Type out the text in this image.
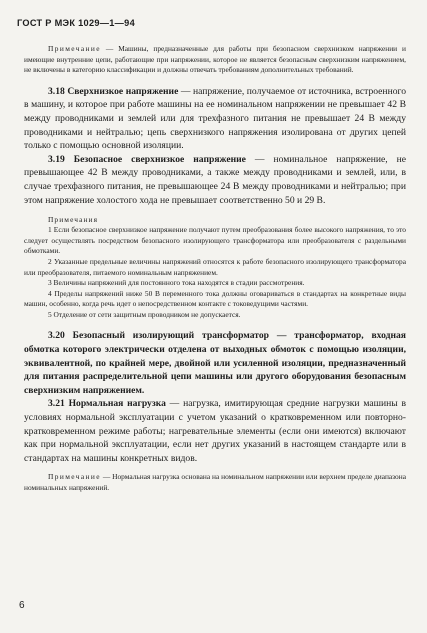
ГОСТ Р МЭК 1029—1—94

Примечание — Машины, предназначенные для работы при безопасном сверхнизком напряжении и имеющие внутренние цепи, работающие при напряжении, которое не является безопасным сверхнизким напряжением, не включены в категорию классификации и должны отвечать требованиям дополнительных требований.

3.18 Сверхнизкое напряжение — напряжение, получаемое от источника, встроенного в машину, и которое при работе машины на ее номинальном напряжении не превышает 42 В между проводниками и землей или для трехфазного питания не превышает 24 В между проводниками и нейтралью; цепь сверхнизкого напряжения изолирована от других цепей только с помощью основной изоляции.

3.19 Безопасное сверхнизкое напряжение — номинальное напряжение, не превышающее 42 В между проводниками, а также между проводниками и землей, или, в случае трехфазного питания, не превышающее 24 В между проводниками и нейтралью; при этом напряжение холостого хода не превышает соответственно 50 и 29 В.

Примечания

1 Если безопасное сверхнизкое напряжение получают путем преобразования более высокого напряжения, то это следует осуществлять посредством безопасного изолирующего трансформатора или преобразователя с раздельными обмотками.

2 Указанные предельные величины напряжений относятся к работе безопасного изолирующего трансформатора или преобразователя, питаемого номинальным напряжением.

3 Величины напряжений для постоянного тока находятся в стадии рассмотрения.

4 Пределы напряжений ниже 50 В переменного тока должны оговариваться в стандартах на конкретные виды машин, особенно, когда речь идет о непосредственном контакте с токоведущими частями.

5 Отделение от сети защитным проводником не допускается.

3.20 Безопасный изолирующий трансформатор — трансформатор, входная обмотка которого электрически отделена от выходных обмоток с помощью изоляции, эквивалентной, по крайней мере, двойной или усиленной изоляции, предназначенный для питания распределительной цепи машины или другого оборудования безопасным сверхнизким напряжением.

3.21 Нормальная нагрузка — нагрузка, имитирующая средние нагрузки машины в условиях нормальной эксплуатации с учетом указаний о кратковременном или повторно-кратковременном режиме работы; нагревательные элементы (если они имеются) включают как при нормальной эксплуатации, если нет других указаний в настоящем стандарте или в стандартах на машины конкретных видов.

Примечание — Нормальная нагрузка основана на номинальном напряжении или верхнем пределе диапазона номинальных напряжений.

6
